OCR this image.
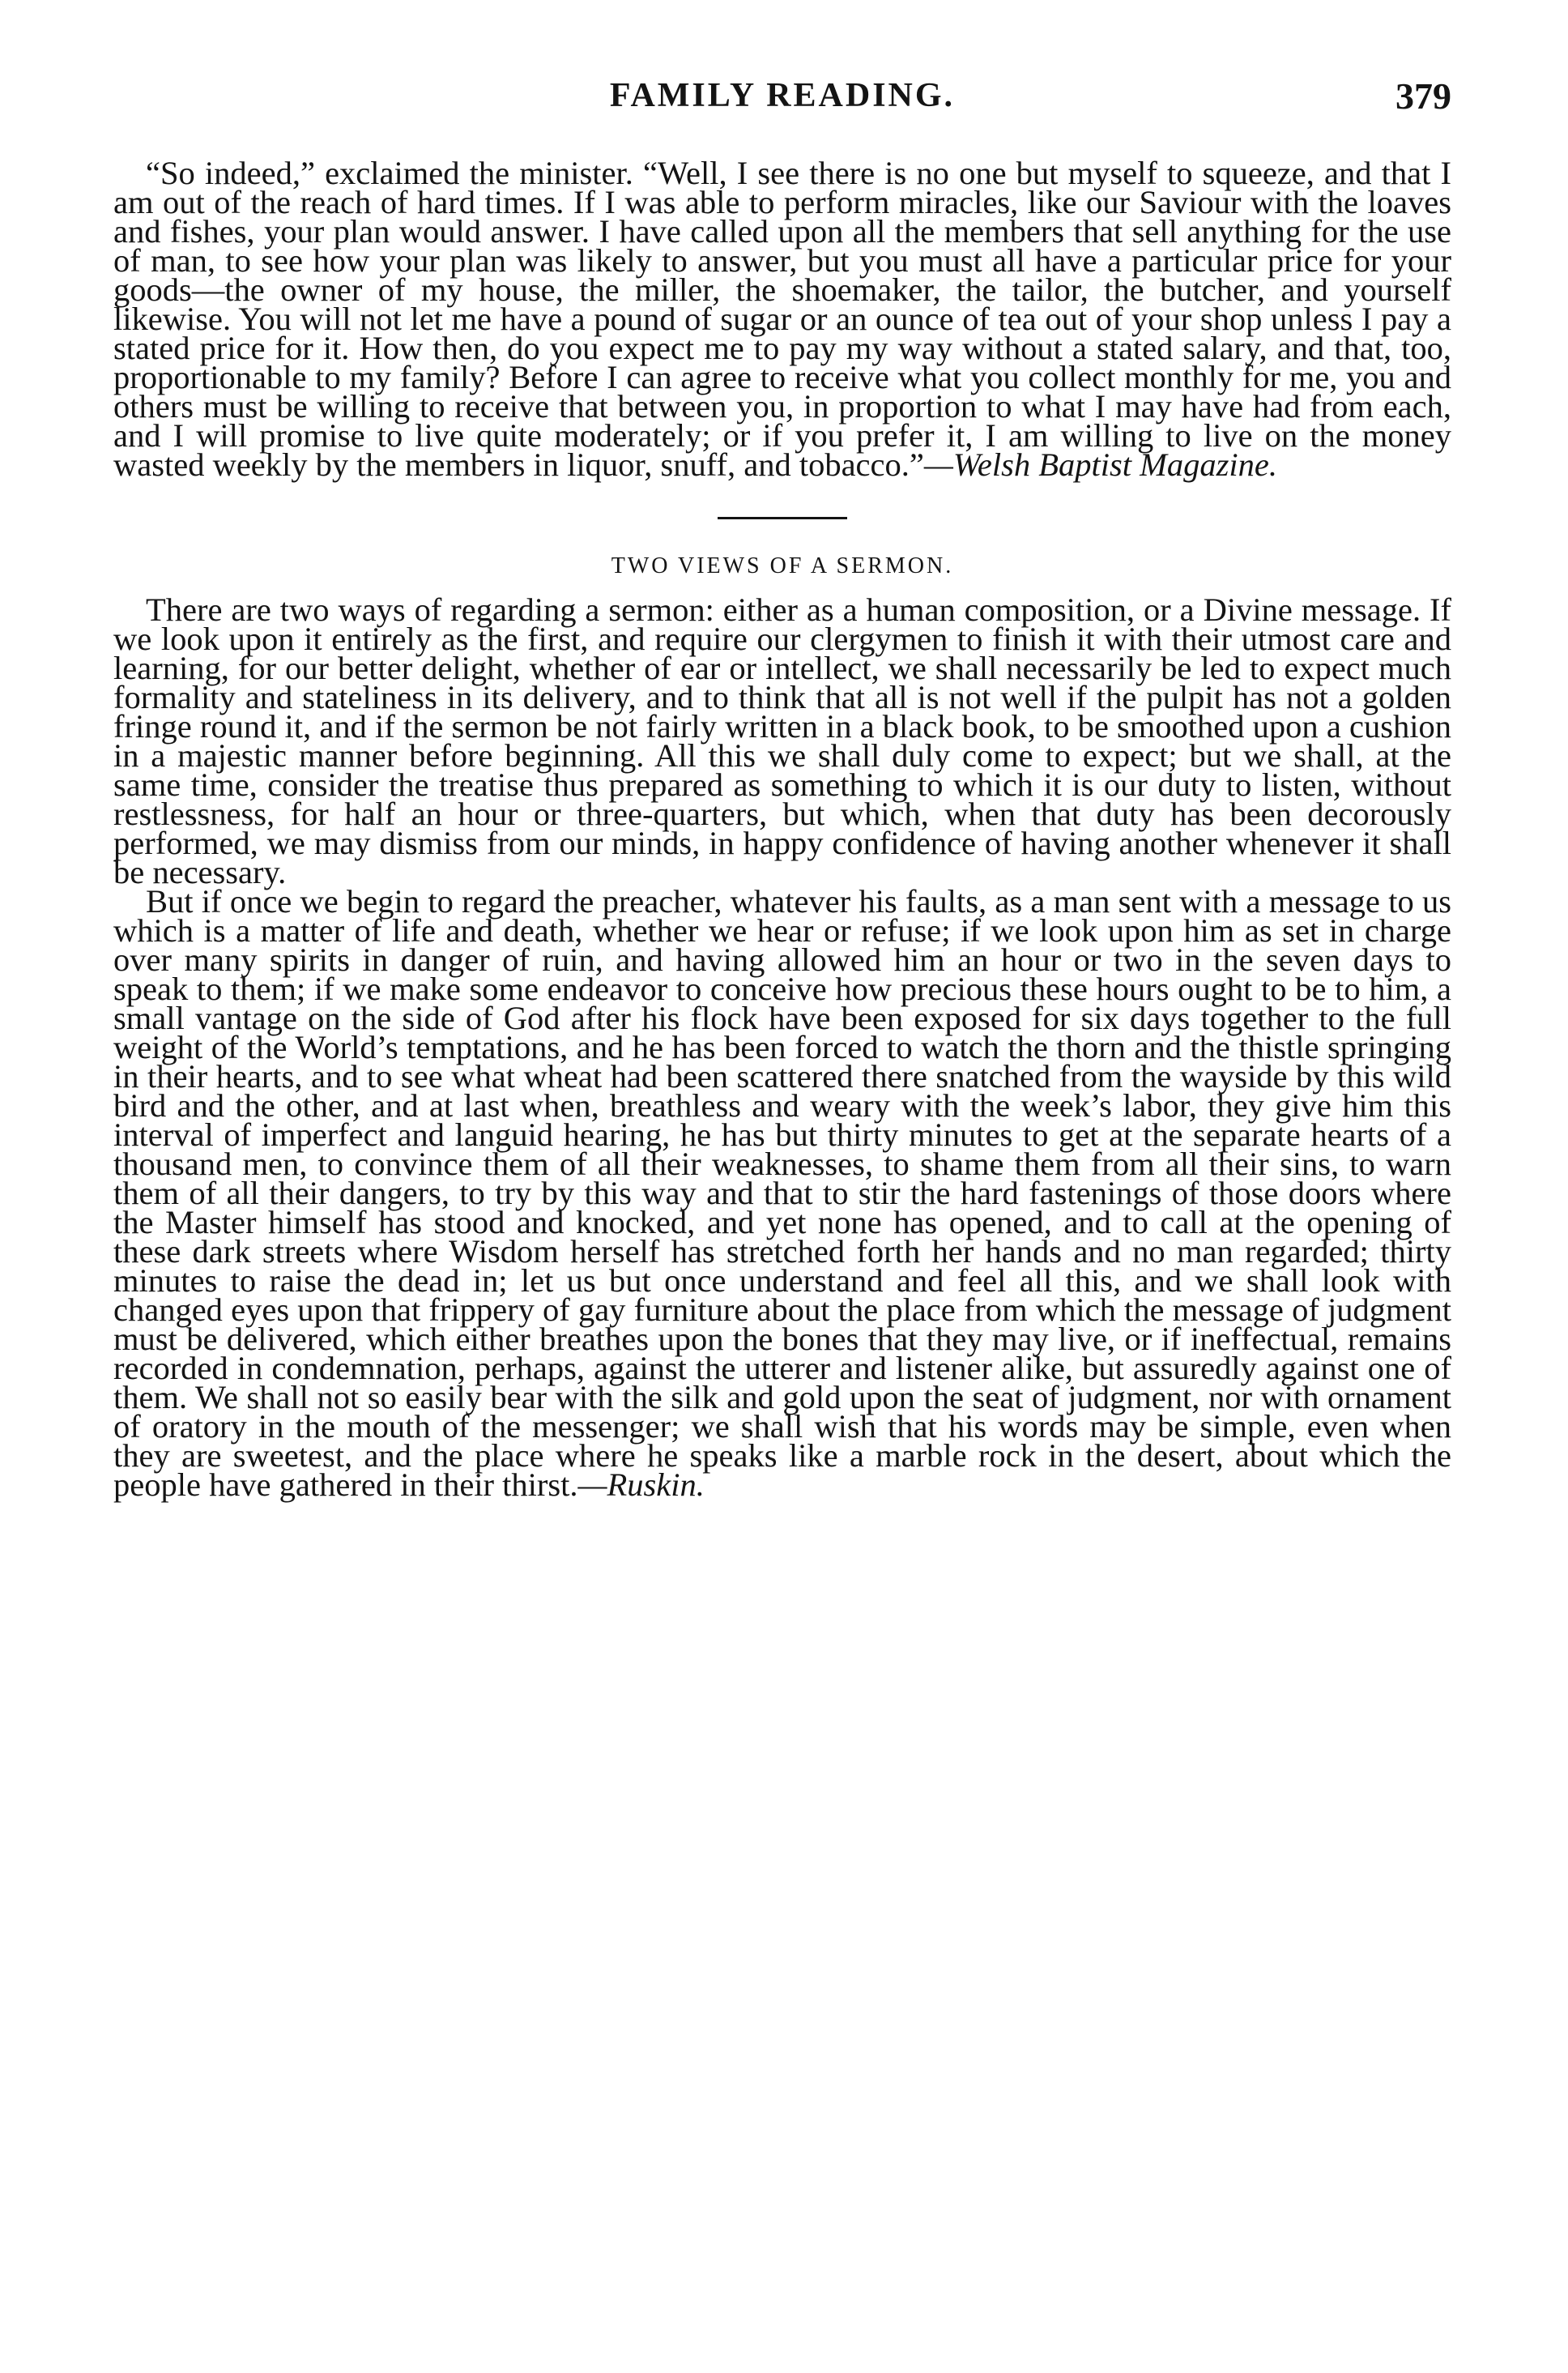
FAMILY READING.	379

“So indeed,” exclaimed the minister. “Well, I see there is no one but myself to squeeze, and that I am out of the reach of hard times. If I was able to perform miracles, like our Saviour with the loaves and fishes, your plan would answer. I have called upon all the members that sell anything for the use of man, to see how your plan was likely to answer, but you must all have a particular price for your goods—the owner of my house, the miller, the shoemaker, the tailor, the butcher, and yourself likewise. You will not let me have a pound of sugar or an ounce of tea out of your shop unless I pay a stated price for it. How then, do you expect me to pay my way without a stated salary, and that, too, proportionable to my family? Before I can agree to receive what you collect monthly for me, you and others must be willing to receive that between you, in proportion to what I may have had from each, and I will promise to live quite moderately; or if you prefer it, I am willing to live on the money wasted weekly by the members in liquor, snuff, and tobacco.”—Welsh Baptist Magazine.

TWO VIEWS OF A SERMON.

There are two ways of regarding a sermon: either as a human composition, or a Divine message. If we look upon it entirely as the first, and require our clergymen to finish it with their utmost care and learning, for our better delight, whether of ear or intellect, we shall necessarily be led to expect much formality and stateliness in its delivery, and to think that all is not well if the pulpit has not a golden fringe round it, and if the sermon be not fairly written in a black book, to be smoothed upon a cushion in a majestic manner before beginning. All this we shall duly come to expect; but we shall, at the same time, consider the treatise thus prepared as something to which it is our duty to listen, without restlessness, for half an hour or three-quarters, but which, when that duty has been decorously performed, we may dismiss from our minds, in happy confidence of having another whenever it shall be necessary.

But if once we begin to regard the preacher, whatever his faults, as a man sent with a message to us which is a matter of life and death, whether we hear or refuse; if we look upon him as set in charge over many spirits in danger of ruin, and having allowed him an hour or two in the seven days to speak to them; if we make some endeavor to conceive how precious these hours ought to be to him, a small vantage on the side of God after his flock have been exposed for six days together to the full weight of the World’s temptations, and he has been forced to watch the thorn and the thistle springing in their hearts, and to see what wheat had been scattered there snatched from the wayside by this wild bird and the other, and at last when, breathless and weary with the week’s labor, they give him this interval of imperfect and languid hearing, he has but thirty minutes to get at the separate hearts of a thousand men, to convince them of all their weaknesses, to shame them from all their sins, to warn them of all their dangers, to try by this way and that to stir the hard fastenings of those doors where the Master himself has stood and knocked, and yet none has opened, and to call at the opening of these dark streets where Wisdom herself has stretched forth her hands and no man regarded; thirty minutes to raise the dead in; let us but once understand and feel all this, and we shall look with changed eyes upon that frippery of gay furniture about the place from which the message of judgment must be delivered, which either breathes upon the bones that they may live, or if ineffectual, remains recorded in condemnation, perhaps, against the utterer and listener alike, but assuredly against one of them. We shall not so easily bear with the silk and gold upon the seat of judgment, nor with ornament of oratory in the mouth of the messenger; we shall wish that his words may be simple, even when they are sweetest, and the place where he speaks like a marble rock in the desert, about which the people have gathered in their thirst.—Ruskin.
